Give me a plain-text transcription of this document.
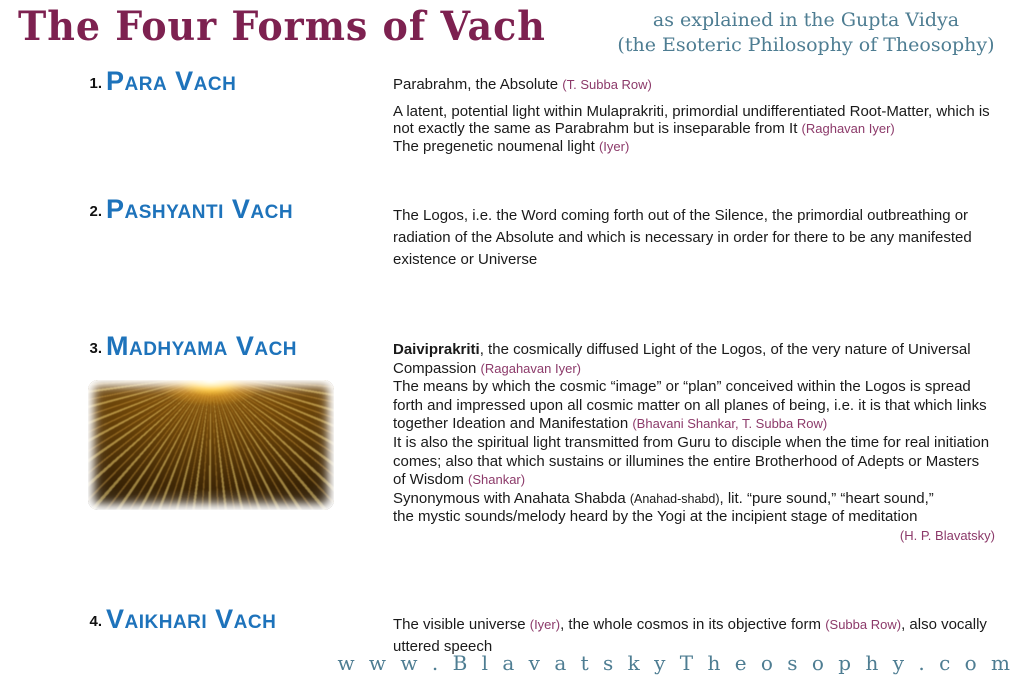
The Four Forms of Vach	as explained in the Gupta Vidya
(the Esoteric Philosophy of Theosophy)
1. Para Vach	Parabrahm, the Absolute (T. Subba Row)

A latent, potential light within Mulaprakriti, primordial undifferentiated Root-Matter, which is not exactly the same as Parabrahm but is inseparable from It (Raghavan Iyer)

The pregenetic noumenal light (Iyer)

2. Pashyanti Vach	The Logos, i.e. the Word coming forth out of the Silence, the primordial outbreathing or radiation of the Absolute and which is necessary in order for there to be any manifested existence or Universe

3. Madhyama Vach	Daiviprakriti, the cosmically diffused Light of the Logos, of the very nature of Universal Compassion (Ragahavan Iyer)

The means by which the cosmic “image” or “plan” conceived within the Logos is spread forth and impressed upon all cosmic matter on all planes of being, i.e. it is that which links together Ideation and Manifestation (Bhavani Shankar, T. Subba Row)

It is also the spiritual light transmitted from Guru to disciple when the time for real initiation comes; also that which sustains or illumines the entire Brotherhood of Adepts or Masters of Wisdom (Shankar)

Synonymous with Anahata Shabda (Anahad-shabd), lit. “pure sound,” “heart sound,”
the mystic sounds/melody heard by the Yogi at the incipient stage of meditation

(H. P. Blavatsky)

4. Vaikhari Vach	The visible universe (Iyer), the whole cosmos in its objective form (Subba Row), also vocally uttered speech

w w w . B l a v a t s k y T h e o s o p h y . c o m
